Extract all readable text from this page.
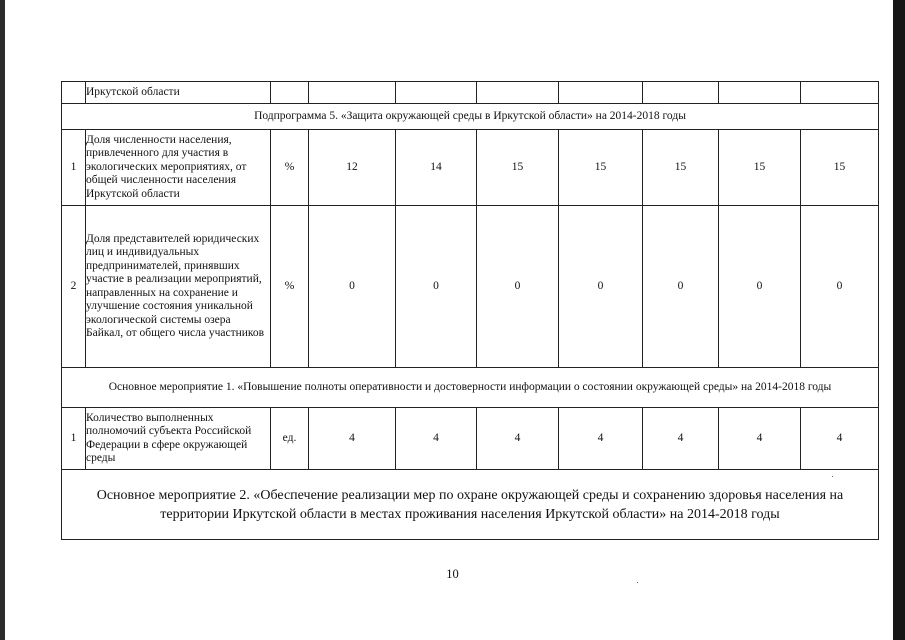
	Иркутской области								
Подпрограмма 5. «Защита окружающей среды в Иркутской области» на 2014-2018 годы									
1	Доля численности населения, привлеченного для участия в экологических мероприятиях, от общей численности населения Иркутской области	%	12	14	15	15	15	15	15
2	Доля представителей юридических лиц и индивидуальных предпринимателей, принявших участие в реализации мероприятий, направленных на сохранение и улучшение состояния уникальной экологической системы озера Байкал, от общего числа участников	%	0	0	0	0	0	0	0
Основное мероприятие 1. «Повышение полноты оперативности и достоверности информации о состоянии окружающей среды» на 2014-2018 годы									
1	Количество выполненных полномочий субъекта Российской Федерации в сфере окружающей среды	ед.	4	4	4	4	4	4	4
Основное мероприятие 2. «Обеспечение реализации мер по охране окружающей среды и сохранению здоровья населения на территории Иркутской области в местах проживания населения Иркутской области» на 2014-2018 годы									
10
